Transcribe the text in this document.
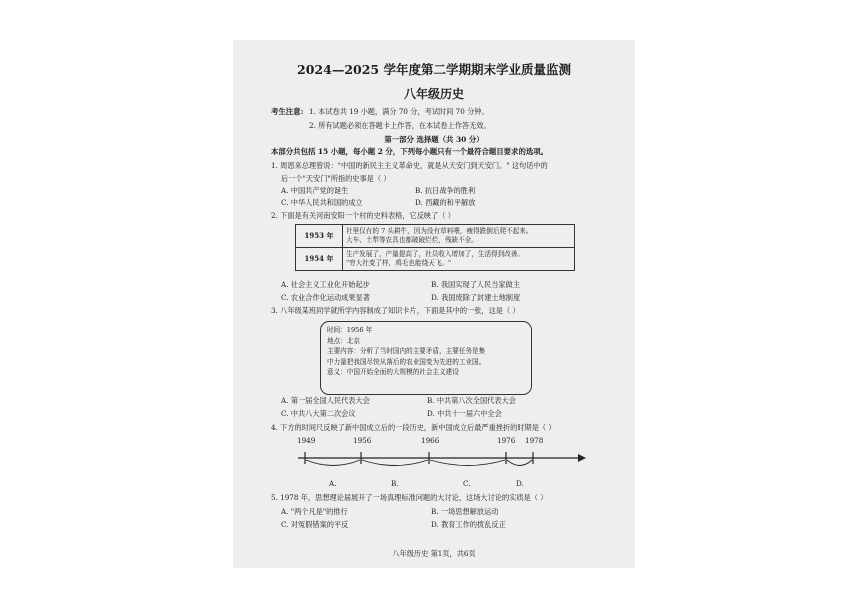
2024—2025 学年度第二学期期末学业质量监测
八年级历史
考生注意: 1. 本试卷共 19 小题，满分 70 分，考试时间 70 分钟。
2. 所有试题必须在答题卡上作答，在本试卷上作答无效。
第一部分 选择题（共 30 分）
本部分共包括 15 小题，每小题 2 分，下列每小题只有一个最符合题目要求的选项。
1. 周恩来总理曾说："中国的新民主主义革命史，就是从天安门到天安门。" 这句话中的
后一个"天安门"所指的史事是（ ）
A. 中国共产党的诞生	B. 抗日战争的胜利
C. 中华人民共和国的成立	D. 西藏的和平解放
2. 下面是有关河南安阳一个村的史料表格，它反映了（ ）
1953 年	社里仅有的 7 头耕牛，因为没有草料喂，瘦得跌倒后爬不起来。
大车、土犁等农具也都破破烂烂，残缺不全。

1954 年	生产发展了，产量提高了，社员收入增加了，生活得到改善。
"穷大社变了样，鸡毛也能绕天飞。"
A. 社会主义工业化开始起步	B. 我国实现了人民当家做主
C. 农业合作化运动成果显著	D. 我国废除了封建土地制度
3. 八年级某班同学就所学内容制成了知识卡片，下面是其中的一张，这是（ ）
时间：1956 年
地点：北京
主要内容：分析了当时国内的主要矛盾，主要任务是集
中力量把我国尽快从落后的农业国变为先进的工业国。
意义：中国开始全面的大规模的社会主义建设
A. 第一届全国人民代表大会	B. 中共第八次全国代表大会
C. 中共八大第二次会议	D. 中共十一届六中全会
4. 下方的时间尺反映了新中国成立后的一段历史，新中国成立后最严重挫折的时期是（ ）
1949	1956	1966	1976 1978
A.	B.	C.	D.
5. 1978 年，思想理论届展开了一场真理标准问题的大讨论，这场大讨论的实质是（ ）
A. "两个凡是"的推行	B. 一场思想解放运动
C. 对冤假错案的平反	D. 教育工作的拨乱反正
八年级历史 第1页，共6页
